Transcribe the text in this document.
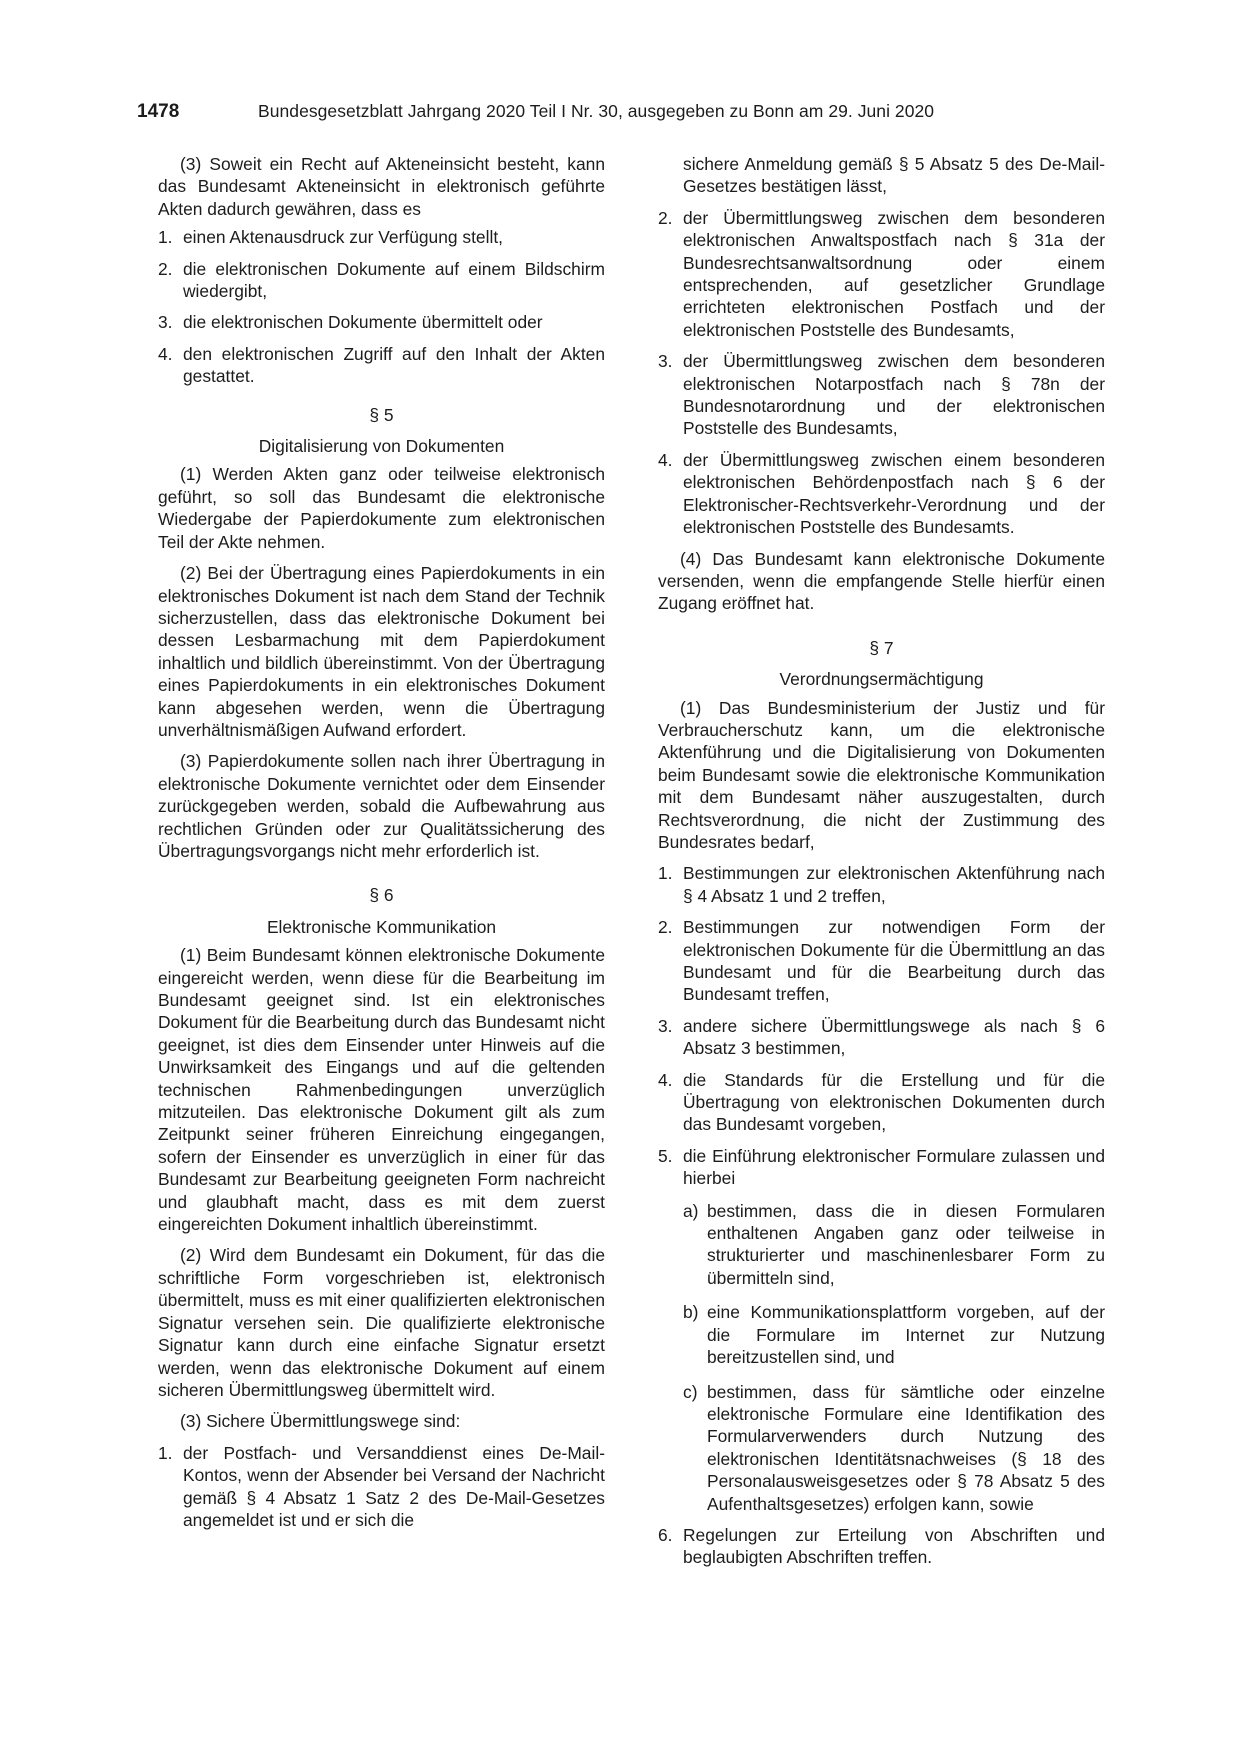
1478	Bundesgesetzblatt Jahrgang 2020 Teil I Nr. 30, ausgegeben zu Bonn am 29. Juni 2020

(3) Soweit ein Recht auf Akteneinsicht besteht, kann das Bundesamt Akteneinsicht in elektronisch geführte Akten dadurch gewähren, dass es

1. einen Aktenausdruck zur Verfügung stellt,
2. die elektronischen Dokumente auf einem Bildschirm wiedergibt,
3. die elektronischen Dokumente übermittelt oder
4. den elektronischen Zugriff auf den Inhalt der Akten gestattet.
§ 5
Digitalisierung von Dokumenten

(1) Werden Akten ganz oder teilweise elektronisch geführt, so soll das Bundesamt die elektronische Wiedergabe der Papierdokumente zum elektronischen Teil der Akte nehmen.

(2) Bei der Übertragung eines Papierdokuments in ein elektronisches Dokument ist nach dem Stand der Technik sicherzustellen, dass das elektronische Dokument bei dessen Lesbarmachung mit dem Papierdokument inhaltlich und bildlich übereinstimmt. Von der Übertragung eines Papierdokuments in ein elektronisches Dokument kann abgesehen werden, wenn die Übertragung unverhältnismäßigen Aufwand erfordert.

(3) Papierdokumente sollen nach ihrer Übertragung in elektronische Dokumente vernichtet oder dem Einsender zurückgegeben werden, sobald die Aufbewahrung aus rechtlichen Gründen oder zur Qualitätssicherung des Übertragungsvorgangs nicht mehr erforderlich ist.

§ 6
Elektronische Kommunikation

(1) Beim Bundesamt können elektronische Dokumente eingereicht werden, wenn diese für die Bearbeitung im Bundesamt geeignet sind. Ist ein elektronisches Dokument für die Bearbeitung durch das Bundesamt nicht geeignet, ist dies dem Einsender unter Hinweis auf die Unwirksamkeit des Eingangs und auf die geltenden technischen Rahmenbedingungen unverzüglich mitzuteilen. Das elektronische Dokument gilt als zum Zeitpunkt seiner früheren Einreichung eingegangen, sofern der Einsender es unverzüglich in einer für das Bundesamt zur Bearbeitung geeigneten Form nachreicht und glaubhaft macht, dass es mit dem zuerst eingereichten Dokument inhaltlich übereinstimmt.

(2) Wird dem Bundesamt ein Dokument, für das die schriftliche Form vorgeschrieben ist, elektronisch übermittelt, muss es mit einer qualifizierten elektronischen Signatur versehen sein. Die qualifizierte elektronische Signatur kann durch eine einfache Signatur ersetzt werden, wenn das elektronische Dokument auf einem sicheren Übermittlungsweg übermittelt wird.

(3) Sichere Übermittlungswege sind:

1. der Postfach- und Versanddienst eines De-Mail-Kontos, wenn der Absender bei Versand der Nachricht gemäß § 4 Absatz 1 Satz 2 des De-Mail-Gesetzes angemeldet ist und er sich die
sichere Anmeldung gemäß § 5 Absatz 5 des De-Mail-Gesetzes bestätigen lässt,
2. der Übermittlungsweg zwischen dem besonderen elektronischen Anwaltspostfach nach § 31a der Bundesrechtsanwaltsordnung oder einem entsprechenden, auf gesetzlicher Grundlage errichteten elektronischen Postfach und der elektronischen Poststelle des Bundesamts,
3. der Übermittlungsweg zwischen dem besonderen elektronischen Notarpostfach nach § 78n der Bundesnotarordnung und der elektronischen Poststelle des Bundesamts,
4. der Übermittlungsweg zwischen einem besonderen elektronischen Behördenpostfach nach § 6 der Elektronischer-Rechtsverkehr-Verordnung und der elektronischen Poststelle des Bundesamts.

(4) Das Bundesamt kann elektronische Dokumente versenden, wenn die empfangende Stelle hierfür einen Zugang eröffnet hat.

§ 7
Verordnungsermächtigung

(1) Das Bundesministerium der Justiz und für Verbraucherschutz kann, um die elektronische Aktenführung und die Digitalisierung von Dokumenten beim Bundesamt sowie die elektronische Kommunikation mit dem Bundesamt näher auszugestalten, durch Rechtsverordnung, die nicht der Zustimmung des Bundesrates bedarf,

1. Bestimmungen zur elektronischen Aktenführung nach § 4 Absatz 1 und 2 treffen,
2. Bestimmungen zur notwendigen Form der elektronischen Dokumente für die Übermittlung an das Bundesamt und für die Bearbeitung durch das Bundesamt treffen,
3. andere sichere Übermittlungswege als nach § 6 Absatz 3 bestimmen,
4. die Standards für die Erstellung und für die Übertragung von elektronischen Dokumenten durch das Bundesamt vorgeben,
5. die Einführung elektronischer Formulare zulassen und hierbei
a) bestimmen, dass die in diesen Formularen enthaltenen Angaben ganz oder teilweise in strukturierter und maschinenlesbarer Form zu übermitteln sind,
b) eine Kommunikationsplattform vorgeben, auf der die Formulare im Internet zur Nutzung bereitzustellen sind, und
c) bestimmen, dass für sämtliche oder einzelne elektronische Formulare eine Identifikation des Formularverwenders durch Nutzung des elektronischen Identitätsnachweises (§ 18 des Personalausweisgesetzes oder § 78 Absatz 5 des Aufenthaltsgesetzes) erfolgen kann, sowie
6. Regelungen zur Erteilung von Abschriften und beglaubigten Abschriften treffen.
